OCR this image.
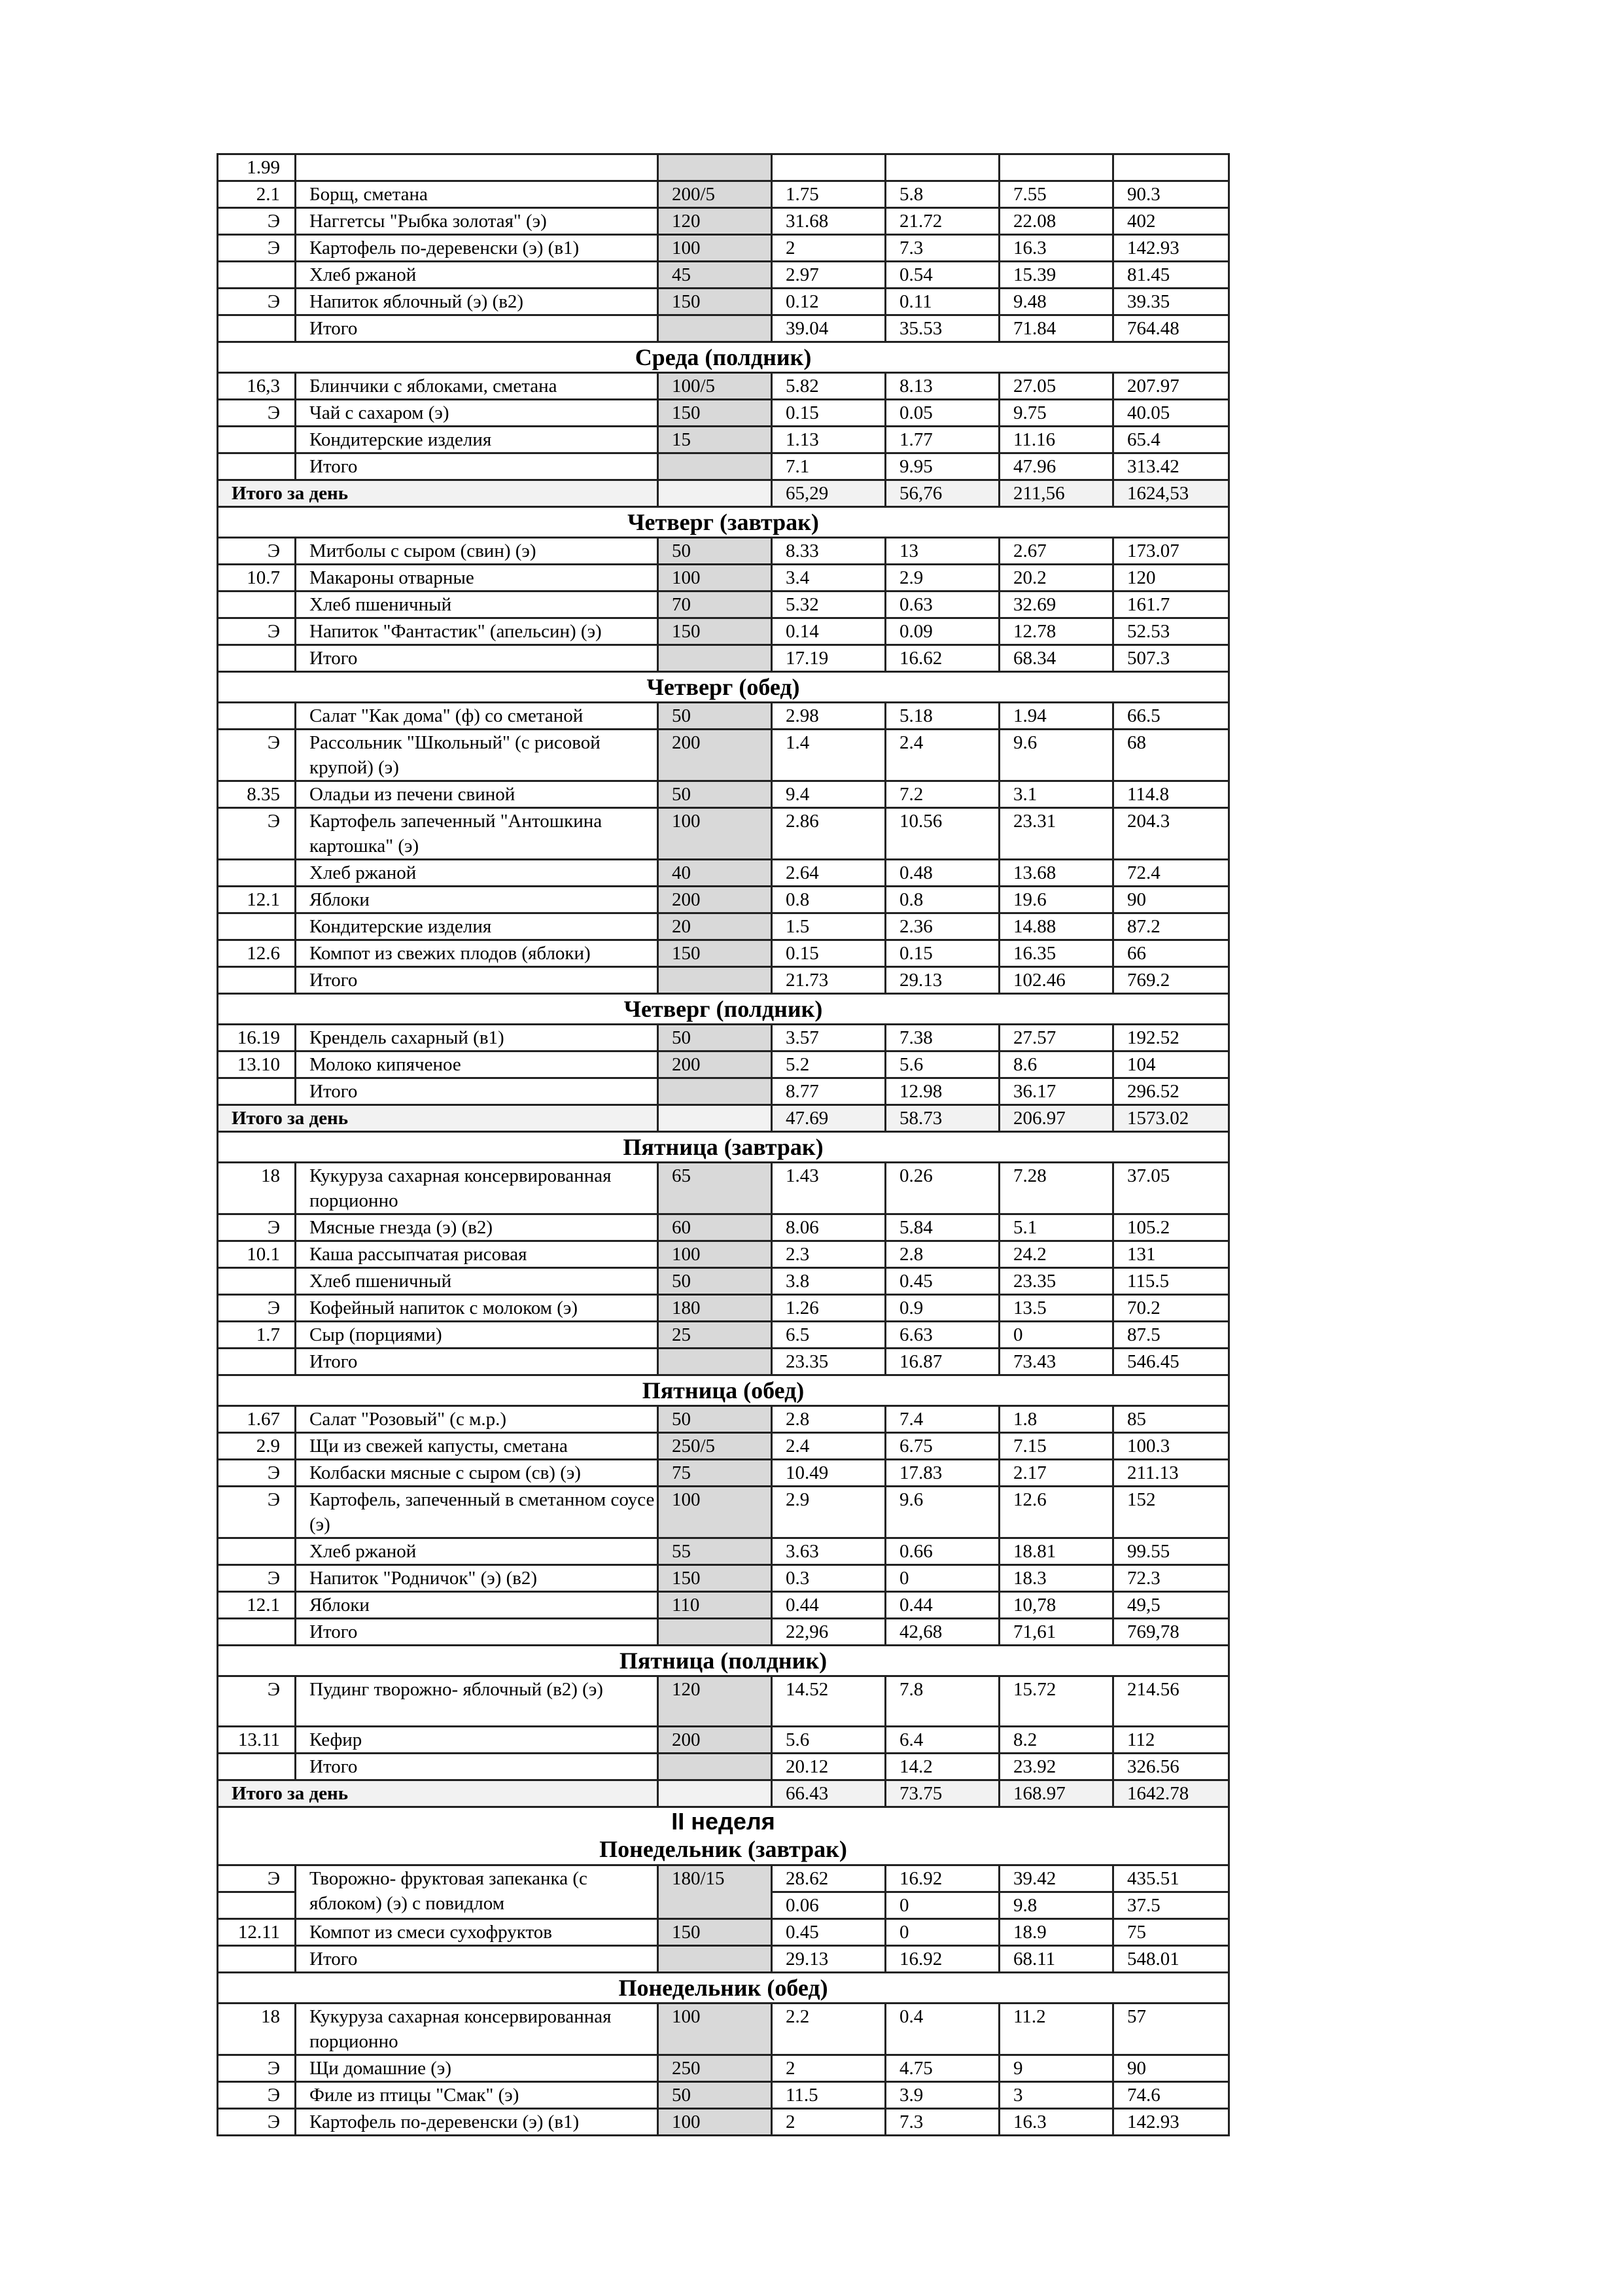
1.99						
2.1	Борщ, сметана	200/5	1.75	5.8	7.55	90.3
Э	Наггетсы "Рыбка золотая" (э)	120	31.68	21.72	22.08	402
Э	Картофель по-деревенски (э) (в1)	100	2	7.3	16.3	142.93
	Хлеб ржаной	45	2.97	0.54	15.39	81.45
Э	Напиток яблочный (э) (в2)	150	0.12	0.11	9.48	39.35
	Итого		39.04	35.53	71.84	764.48
Среда (полдник)						
16,3	Блинчики с яблоками, сметана	100/5	5.82	8.13	27.05	207.97
Э	Чай с сахаром (э)	150	0.15	0.05	9.75	40.05
	Кондитерские изделия	15	1.13	1.77	11.16	65.4
	Итого		7.1	9.95	47.96	313.42
Итого за день			65,29	56,76	211,56	1624,53
Четверг (завтрак)						
Э	Митболы с сыром (свин) (э)	50	8.33	13	2.67	173.07
10.7	Макароны отварные	100	3.4	2.9	20.2	120
	Хлеб пшеничный	70	5.32	0.63	32.69	161.7
Э	Напиток "Фантастик" (апельсин) (э)	150	0.14	0.09	12.78	52.53
	Итого		17.19	16.62	68.34	507.3
Четверг (обед)						
	Салат "Как дома" (ф) со сметаной	50	2.98	5.18	1.94	66.5
Э	Рассольник "Школьный" (с рисовой крупой) (э)	200	1.4	2.4	9.6	68
8.35	Оладьи из печени свиной	50	9.4	7.2	3.1	114.8
Э	Картофель запеченный "Антошкина картошка" (э)	100	2.86	10.56	23.31	204.3
	Хлеб ржаной	40	2.64	0.48	13.68	72.4
12.1	Яблоки	200	0.8	0.8	19.6	90
	Кондитерские изделия	20	1.5	2.36	14.88	87.2
12.6	Компот из свежих плодов (яблоки)	150	0.15	0.15	16.35	66
	Итого		21.73	29.13	102.46	769.2
Четверг (полдник)						
16.19	Крендель сахарный (в1)	50	3.57	7.38	27.57	192.52
13.10	Молоко кипяченое	200	5.2	5.6	8.6	104
	Итого		8.77	12.98	36.17	296.52
Итого за день			47.69	58.73	206.97	1573.02
Пятница (завтрак)						
18	Кукуруза сахарная консервированная порционно	65	1.43	0.26	7.28	37.05
Э	Мясные гнезда (э) (в2)	60	8.06	5.84	5.1	105.2
10.1	Каша рассыпчатая рисовая	100	2.3	2.8	24.2	131
	Хлеб пшеничный	50	3.8	0.45	23.35	115.5
Э	Кофейный напиток с молоком (э)	180	1.26	0.9	13.5	70.2
1.7	Сыр (порциями)	25	6.5	6.63	0	87.5
	Итого		23.35	16.87	73.43	546.45
Пятница (обед)						
1.67	Салат "Розовый" (с м.р.)	50	2.8	7.4	1.8	85
2.9	Щи из свежей капусты, сметана	250/5	2.4	6.75	7.15	100.3
Э	Колбаски мясные с сыром (св) (э)	75	10.49	17.83	2.17	211.13
Э	Картофель, запеченный в сметанном соусе (э)	100	2.9	9.6	12.6	152
	Хлеб ржаной	55	3.63	0.66	18.81	99.55
Э	Напиток "Родничок" (э) (в2)	150	0.3	0	18.3	72.3
12.1	Яблоки	110	0.44	0.44	10,78	49,5
	Итого		22,96	42,68	71,61	769,78
Пятница (полдник)						
Э	Пудинг творожно- яблочный (в2) (э)	120	14.52	7.8	15.72	214.56
13.11	Кефир	200	5.6	6.4	8.2	112
	Итого		20.12	14.2	23.92	326.56
Итого за день			66.43	73.75	168.97	1642.78

II неделя
Понедельник (завтрак)						

Э	Творожно- фруктовая запеканка (с яблоком) (э) с повидлом	180/15	28.62	16.92	39.42	435.51
			0.06	0	9.8	37.5
12.11	Компот из смеси сухофруктов	150	0.45	0	18.9	75
	Итого		29.13	16.92	68.11	548.01
Понедельник (обед)						
18	Кукуруза сахарная консервированная порционно	100	2.2	0.4	11.2	57
Э	Щи домашние (э)	250	2	4.75	9	90
Э	Филе из птицы "Смак" (э)	50	11.5	3.9	3	74.6
Э	Картофель по-деревенски (э) (в1)	100	2	7.3	16.3	142.93
